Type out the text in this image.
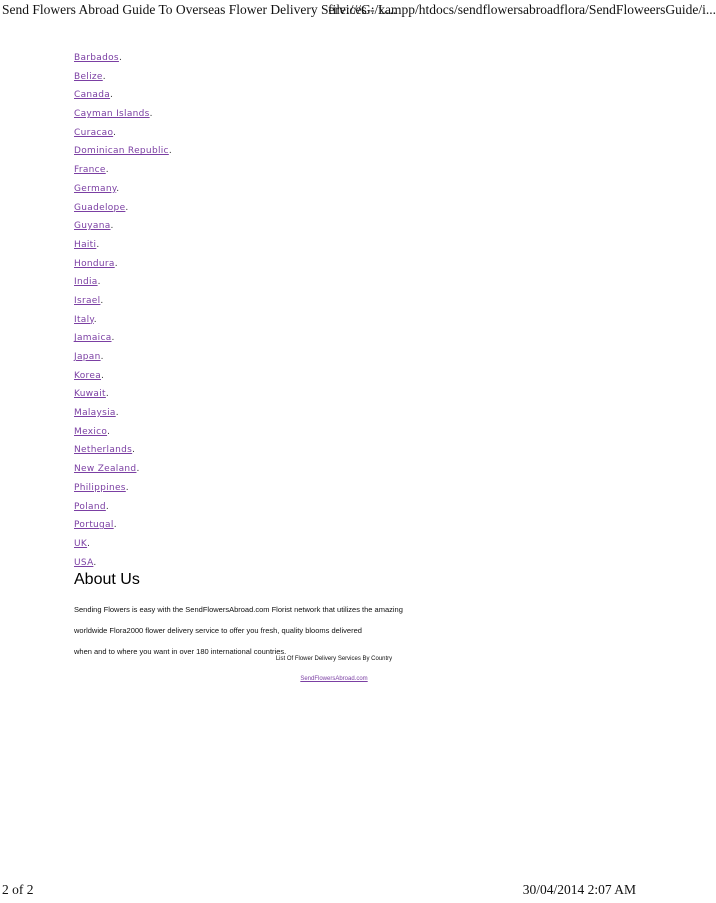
Send Flowers Abroad Guide To Overseas Flower Delivery Services - L...
file:///G:/xampp/htdocs/sendflowersabroadflora/SendFloweersGuide/i...
Barbados.
Belize.
Canada.
Cayman Islands.
Curacao.
Dominican Republic.
France.
Germany.
Guadelope.
Guyana.
Haiti.
Hondura.
India.
Israel.
Italy.
Jamaica.
Japan.
Korea.
Kuwait.
Malaysia.
Mexico.
Netherlands.
New Zealand.
Philippines.
Poland.
Portugal.
UK.
USA.
About Us

Sending Flowers is easy with the SendFlowersAbroad.com Florist network that utilizes the amazing

worldwide Flora2000 flower delivery service to offer you fresh, quality blooms delivered

when and to where you want in over 180 international countries.

List Of Flower Delivery Services By Country
SendFlowersAbroad.com
2 of 2	30/04/2014 2:07 AM
